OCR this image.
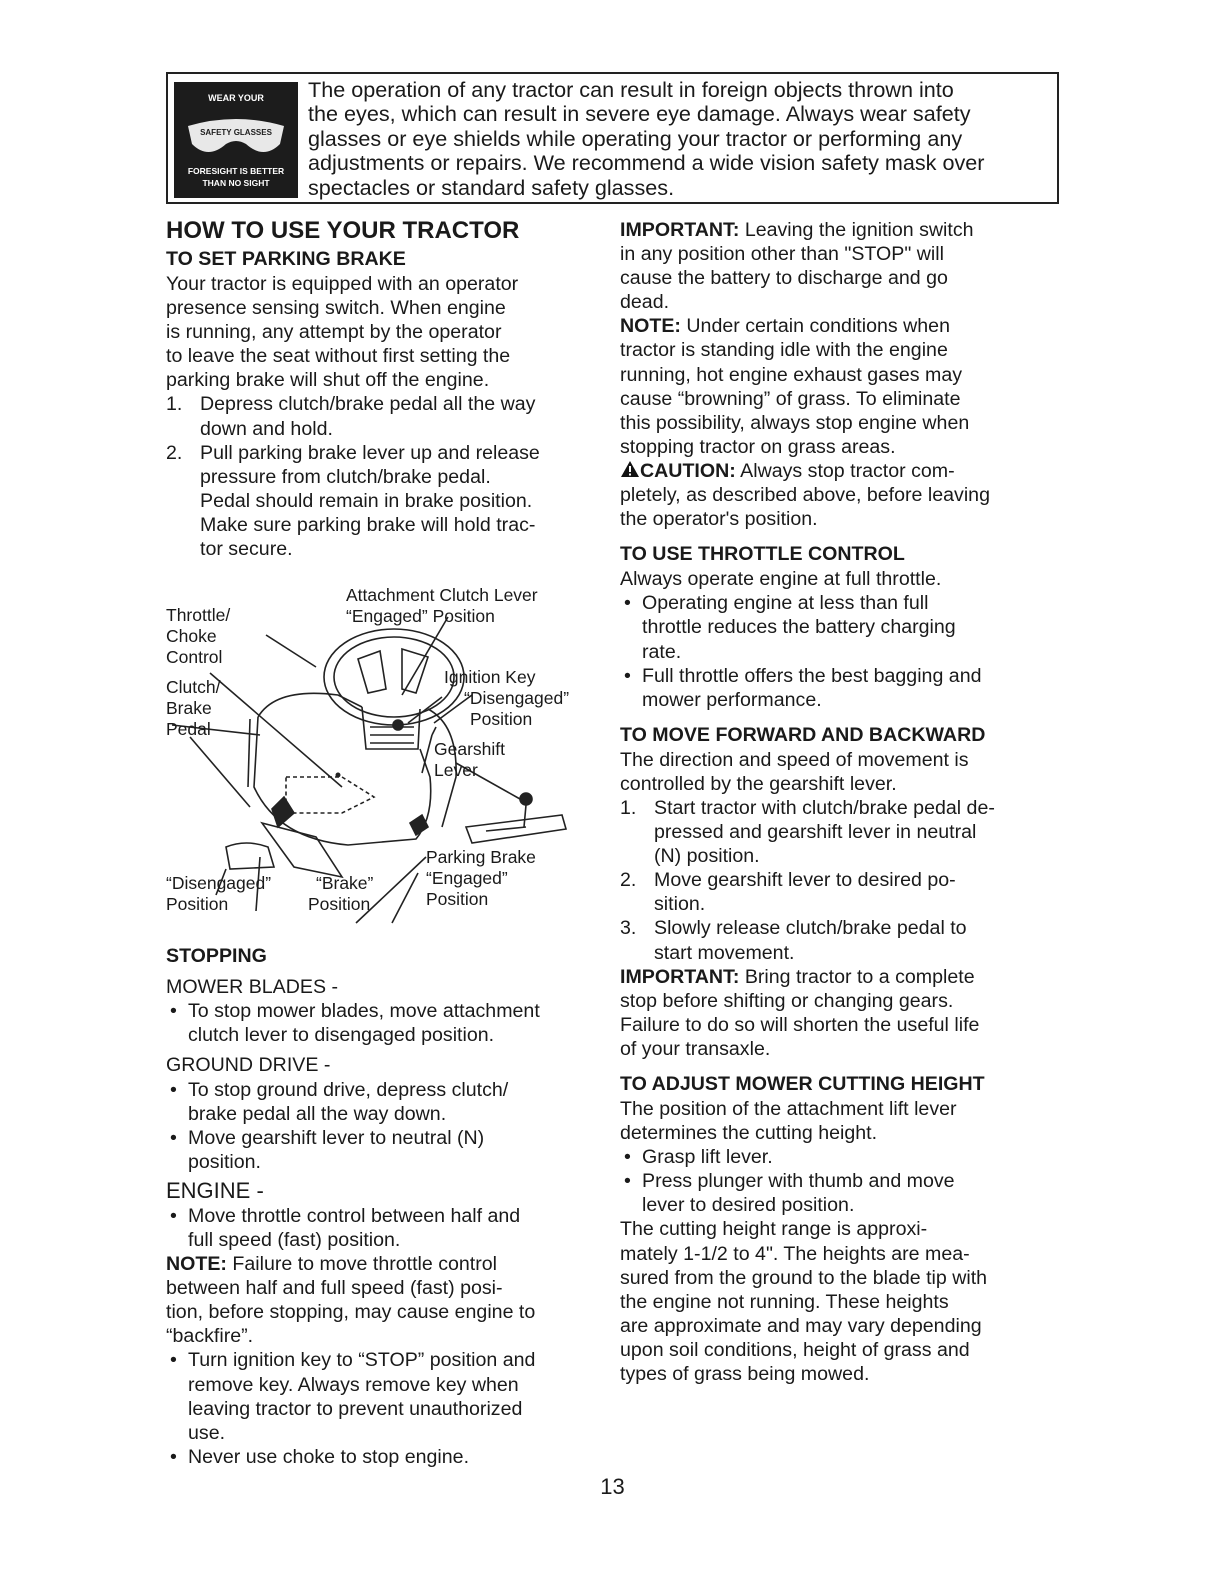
WEAR YOUR
SAFETY GLASSES
FORESIGHT IS BETTER
THAN NO SIGHT
The operation of any tractor can result in foreign objects thrown into
the eyes, which can result in severe eye damage. Always wear safety
glasses or eye shields while operating your tractor or performing any
adjustments or repairs. We recommend a wide vision safety mask over
spectacles or standard safety glasses.
HOW TO USE YOUR TRACTOR
TO SET PARKING BRAKE
Your tractor is equipped with an operator
presence sensing switch. When engine
is running, any attempt by the operator
to leave the seat without first setting the
parking brake will shut off the engine.
1. Depress clutch/brake pedal all the way
down and hold.
2. Pull parking brake lever up and release
pressure from clutch/brake pedal.
Pedal should remain in brake position.
Make sure parking brake will hold trac-
tor secure.
Attachment Clutch Lever
“Engaged” Position
Throttle/
Choke
Control
Ignition Key
“Disengaged”
Position
Clutch/
Brake
Pedal
Gearshift
Lever
Parking Brake
“Engaged”
Position
“Disengaged”
Position
“Brake”
Position
STOPPING
MOWER BLADES -
• To stop mower blades, move attachment
clutch lever to disengaged position.
GROUND DRIVE -
• To stop ground drive, depress clutch/
brake pedal all the way down.
• Move gearshift lever to neutral (N)
position.
ENGINE -
• Move throttle control between half and
full speed (fast) position.
NOTE: Failure to move throttle control
between half and full speed (fast) posi-
tion, before stopping, may cause engine to
“backfire”.
• Turn ignition key to “STOP” position and
remove key. Always remove key when
leaving tractor to prevent unauthorized
use.
• Never use choke to stop engine.
IMPORTANT: Leaving the ignition switch
in any position other than "STOP" will
cause the battery to discharge and go
dead.
NOTE: Under certain conditions when
tractor is standing idle with the engine
running, hot engine exhaust gases may
cause “browning” of grass. To eliminate
this possibility, always stop engine when
stopping tractor on grass areas.
CAUTION: Always stop tractor com-
pletely, as described above, before leaving
the operator's position.
TO USE THROTTLE CONTROL
Always operate engine at full throttle.
• Operating engine at less than full
throttle reduces the battery charging
rate.
• Full throttle offers the best bagging and
mower performance.
TO MOVE FORWARD AND BACKWARD
The direction and speed of movement is
controlled by the gearshift lever.
1. Start tractor with clutch/brake pedal de-
pressed and gearshift lever in neutral
(N) position.
2. Move gearshift lever to desired po-
sition.
3. Slowly release clutch/brake pedal to
start movement.
IMPORTANT: Bring tractor to a complete
stop before shifting or changing gears.
Failure to do so will shorten the useful life
of your transaxle.
TO ADJUST MOWER CUTTING HEIGHT
The position of the attachment lift lever
determines the cutting height.
• Grasp lift lever.
• Press plunger with thumb and move
lever to desired position.
The cutting height range is approxi-
mately 1-1/2 to 4". The heights are mea-
sured from the ground to the blade tip with
the engine not running. These heights
are approximate and may vary depending
upon soil conditions, height of grass and
types of grass being mowed.
13
